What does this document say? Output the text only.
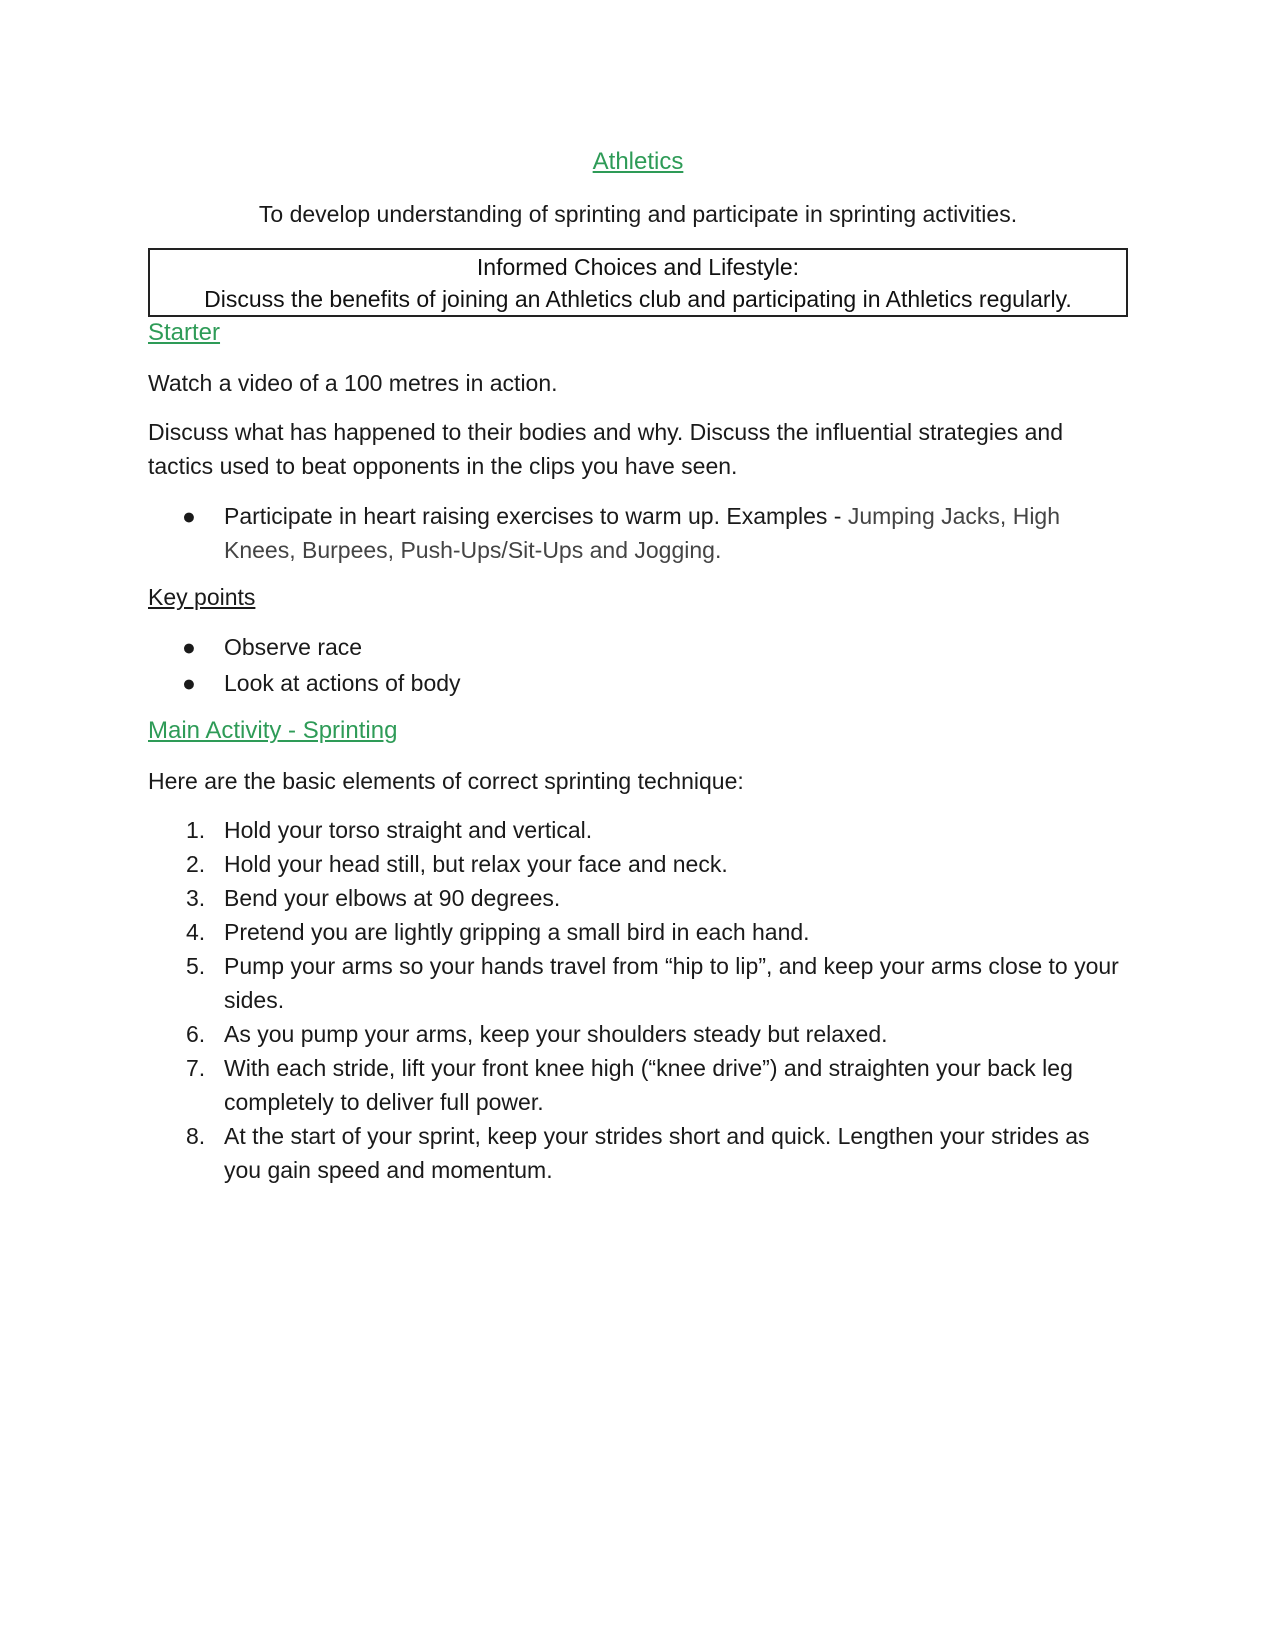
Athletics
To develop understanding of sprinting and participate in sprinting activities.
Informed Choices and Lifestyle:
Discuss the benefits of joining an Athletics club and participating in Athletics regularly.
Starter

Watch a video of a 100 metres in action.

Discuss what has happened to their bodies and why. Discuss the influential strategies and tactics used to beat opponents in the clips you have seen.

● Participate in heart raising exercises to warm up. Examples - Jumping Jacks, High Knees, Burpees, Push-Ups/Sit-Ups and Jogging.
Key points
● Observe race
● Look at actions of body
Main Activity - Sprinting

Here are the basic elements of correct sprinting technique:

1. Hold your torso straight and vertical.
2. Hold your head still, but relax your face and neck.
3. Bend your elbows at 90 degrees.
4. Pretend you are lightly gripping a small bird in each hand.
5. Pump your arms so your hands travel from “hip to lip”, and keep your arms close to your sides.
6. As you pump your arms, keep your shoulders steady but relaxed.
7. With each stride, lift your front knee high (“knee drive”) and straighten your back leg completely to deliver full power.
8. At the start of your sprint, keep your strides short and quick. Lengthen your strides as you gain speed and momentum.
